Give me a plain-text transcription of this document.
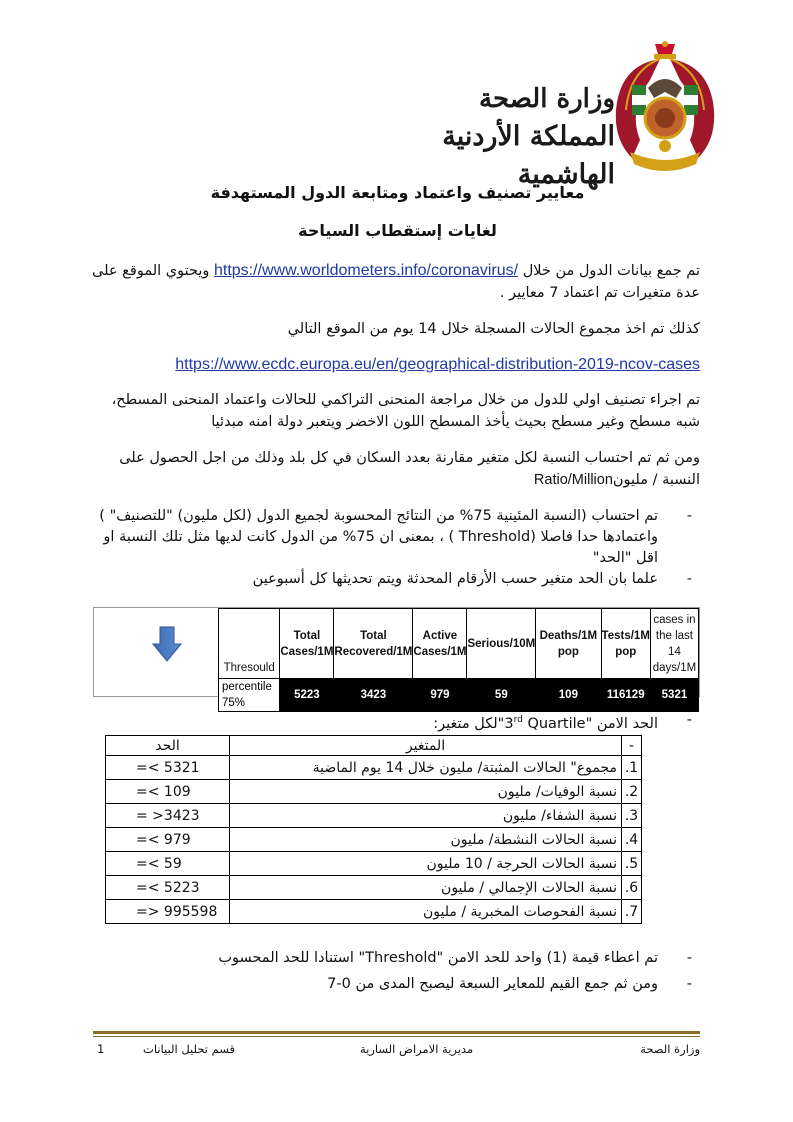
وزارة الصحة
المملكة الأردنية الهاشمية
معايير تصنيف واعتماد ومتابعة الدول المستهدفة
لغايات إستقطاب السياحة
تم جمع بيانات الدول من خلال https://www.worldometers.info/coronavirus/ ويحتوي الموقع على عدة متغيرات تم اعتماد 7 معايير .
كذلك تم اخذ مجموع الحالات المسجلة خلال 14 يوم من الموقع التالي
https://www.ecdc.europa.eu/en/geographical-distribution-2019-ncov-cases
تم اجراء تصنيف اولي للدول من خلال مراجعة المنحنى التراكمي للحالات واعتماد المنحنى المسطح، شبه مسطح وغير مسطح بحيث يأخذ المسطح اللون الاخضر ويتعبر دولة امنه مبدئيا
ومن ثم تم احتساب النسبة لكل متغير مقارنة بعدد السكان في كل بلد وذلك من اجل الحصول على النسبة / مليونRatio/Million
-
تم احتساب (النسبة المئينية 75% من النتائج المحسوبة لجميع الدول (لكل مليون) "للتصنيف" ) واعتمادها حدا فاصلا (Threshold ) ، بمعنى ان 75% من الدول كانت لديها مثل تلك النسبة او اقل "الحد"
-
علما بان الحد متغير حسب الأرقام المحدثة ويتم تحديثها كل أسبوعين
Thresould	Total Cases/1M	Total Recovered/1M	Active Cases/1M	Serious/10M	Deaths/1M pop	Tests/1M pop	cases in the last 14 days/1M
percentile 75%	5223	3423	979	59	109	116129	5321
-
الحد الامن "3rd Quartile"لكل متغير:
-	المتغير	الحد
1.	مجموع" الحالات المثبتة/ مليون خلال 14 يوم الماضية	=< 5321
2.	نسبة الوفيات/ مليون	=< 109
3.	نسبة الشفاء/ مليون	= >3423
4.	نسبة الحالات النشطة/ مليون	=< 979
5.	نسبة الحالات الحرجة / 10 مليون	=< 59
6.	نسبة الحالات الإجمالي / مليون	=< 5223
7.	نسبة الفحوصات المخبرية / مليون	=> 995598
-
تم اعطاء قيمة (1) واحد للحد الامن "Threshold" استنادا للحد المحسوب
-
ومن ثم جمع القيم للمعاير السبعة ليصبح المدى من 0-7
وزارة الصحة
مديرية الامراض السارية
قسم تحليل البيانات
1
